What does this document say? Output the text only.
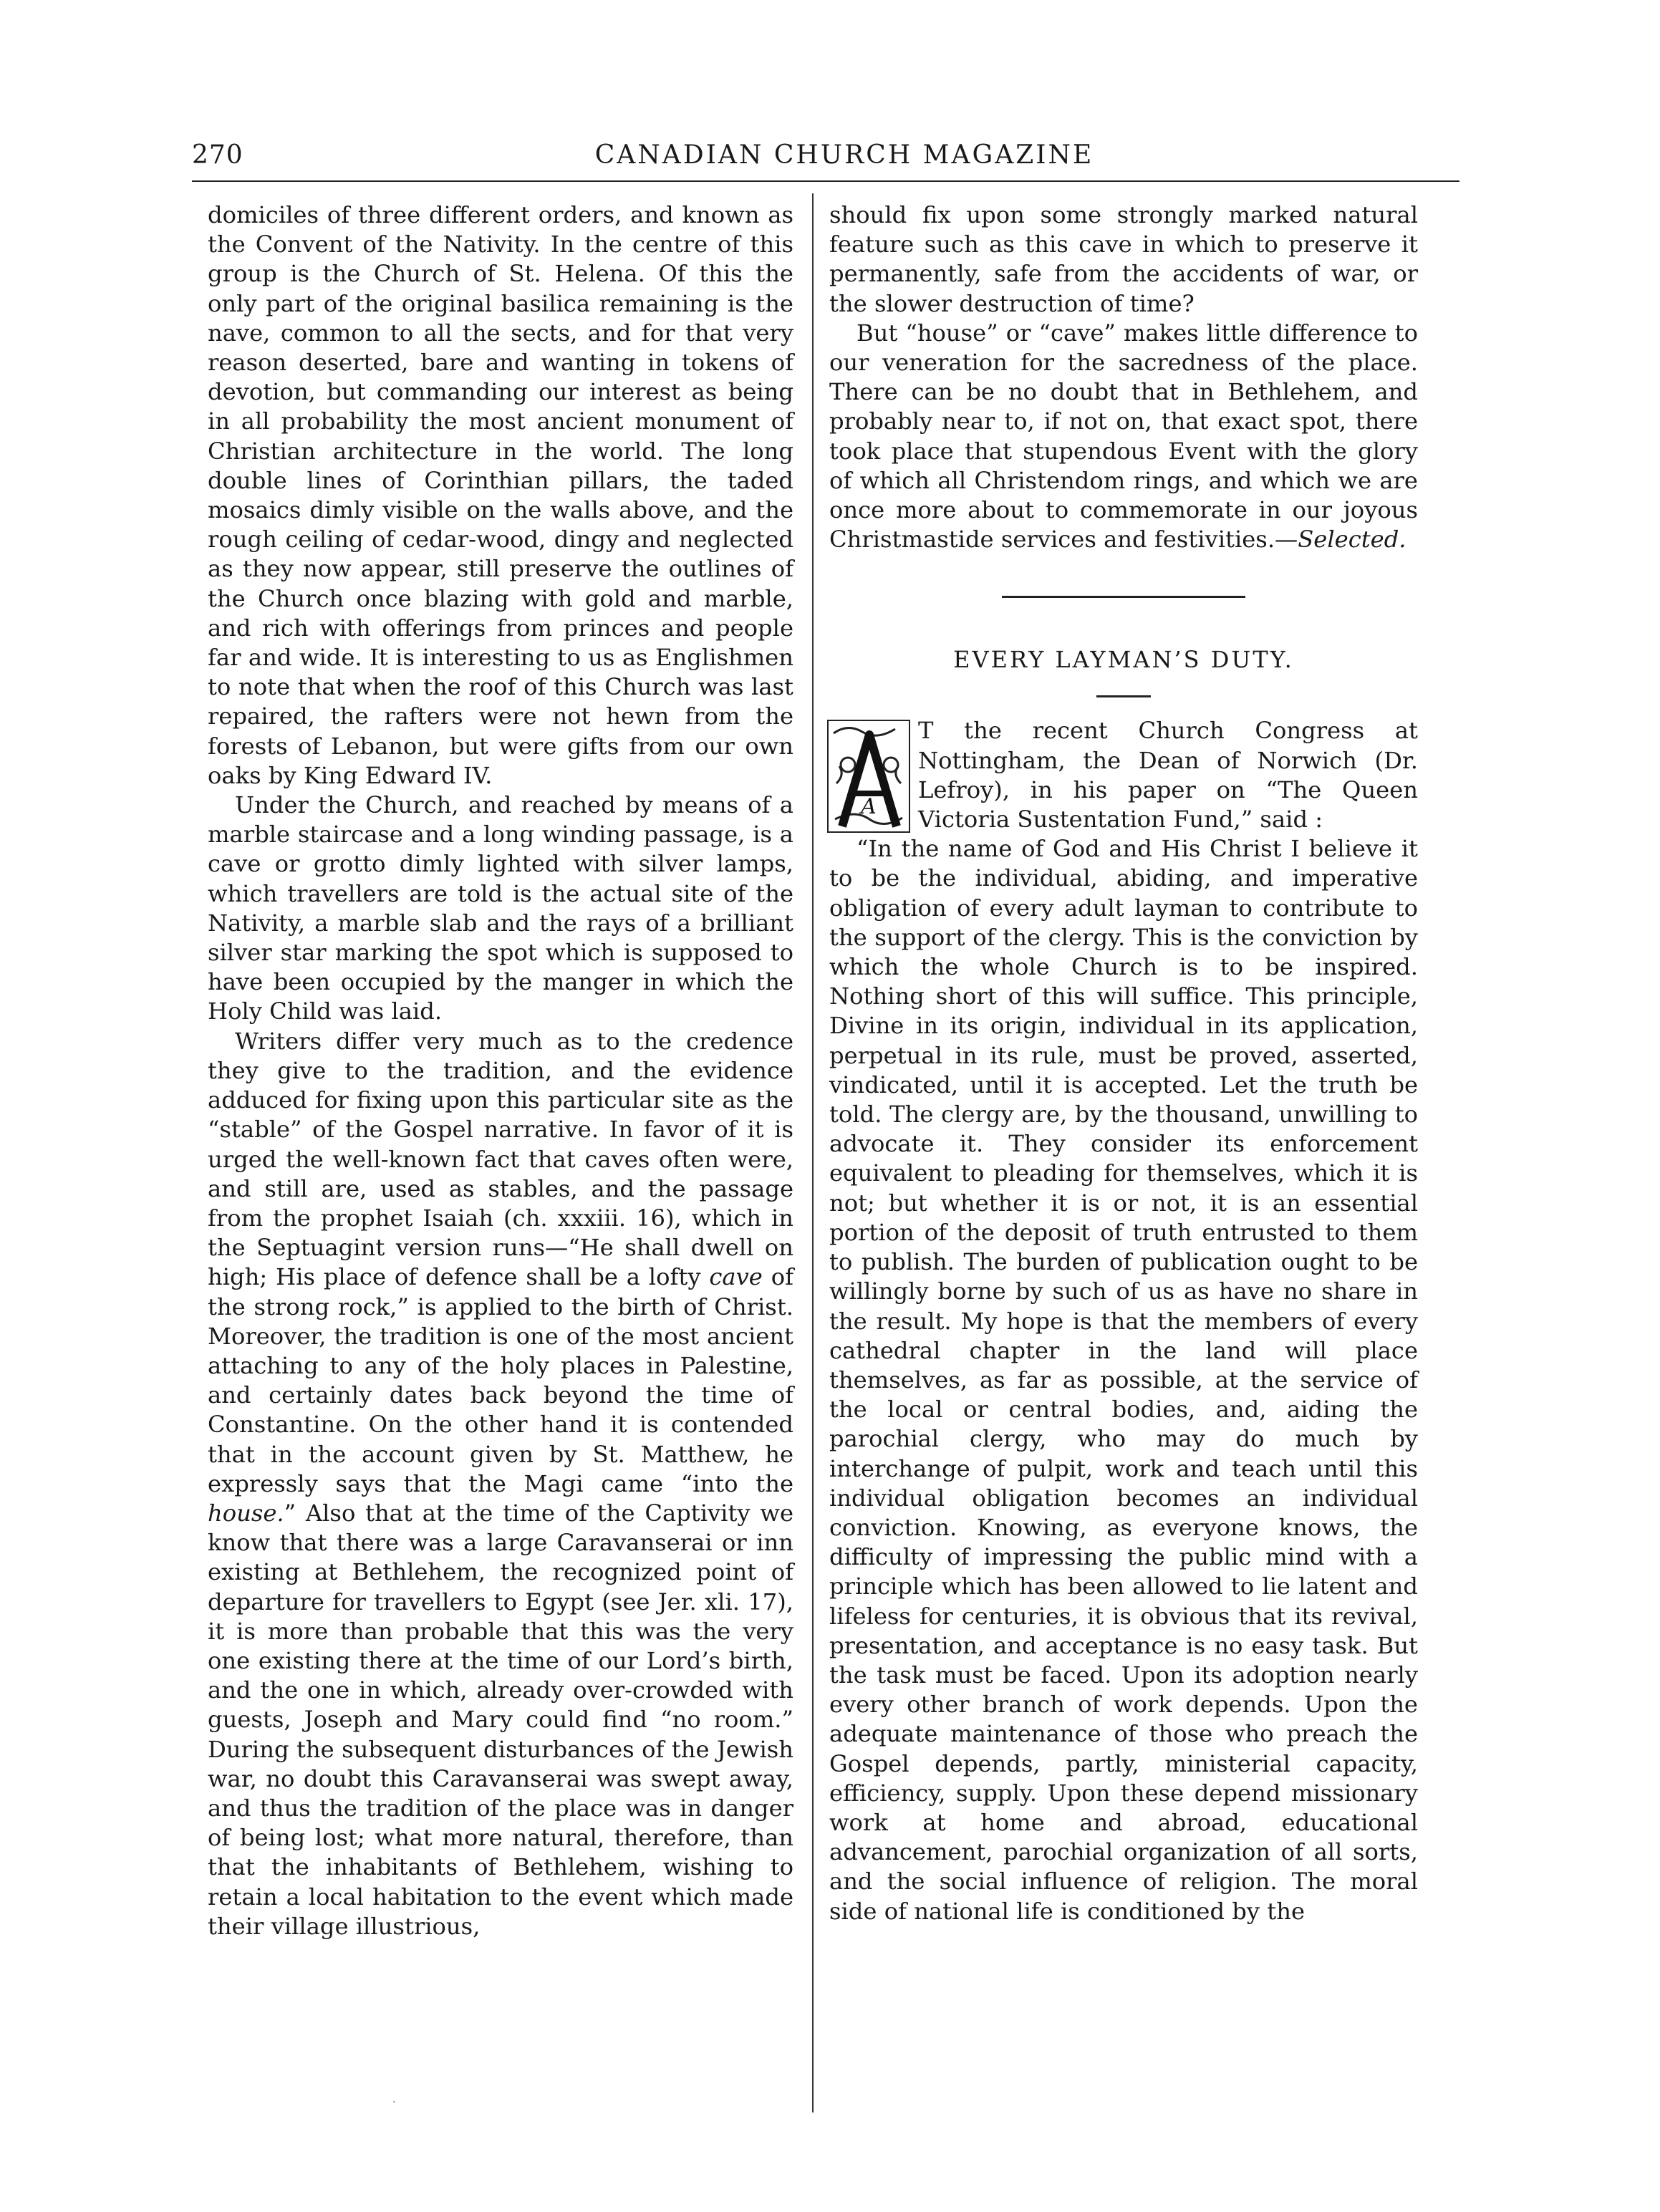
270	CANADIAN CHURCH MAGAZINE

domiciles of three different orders, and known as the Convent of the Nativity. In the centre of this group is the Church of St. Helena. Of this the only part of the original basilica remaining is the nave, common to all the sects, and for that very reason deserted, bare and wanting in tokens of devotion, but commanding our interest as being in all probability the most ancient monument of Christian architecture in the world. The long double lines of Corinthian pillars, the taded mosaics dimly visible on the walls above, and the rough ceiling of cedar-wood, dingy and neglected as they now appear, still preserve the outlines of the Church once blazing with gold and marble, and rich with offerings from princes and people far and wide. It is interesting to us as Englishmen to note that when the roof of this Church was last repaired, the rafters were not hewn from the forests of Lebanon, but were gifts from our own oaks by King Edward IV.

Under the Church, and reached by means of a marble staircase and a long winding passage, is a cave or grotto dimly lighted with silver lamps, which travellers are told is the actual site of the Nativity, a marble slab and the rays of a brilliant silver star marking the spot which is supposed to have been occupied by the manger in which the Holy Child was laid.

Writers differ very much as to the credence they give to the tradition, and the evidence adduced for fixing upon this particular site as the “stable” of the Gospel narrative. In favor of it is urged the well-known fact that caves often were, and still are, used as stables, and the passage from the prophet Isaiah (ch. xxxiii. 16), which in the Septuagint version runs—“He shall dwell on high; His place of defence shall be a lofty cave of the strong rock,” is applied to the birth of Christ. Moreover, the tradition is one of the most ancient attaching to any of the holy places in Palestine, and certainly dates back beyond the time of Constantine. On the other hand it is contended that in the account given by St. Matthew, he expressly says that the Magi came “into the house.” Also that at the time of the Captivity we know that there was a large Caravanserai or inn existing at Bethlehem, the recognized point of departure for travellers to Egypt (see Jer. xli. 17), it is more than probable that this was the very one existing there at the time of our Lord’s birth, and the one in which, already over-crowded with guests, Joseph and Mary could find “no room.” During the subsequent disturbances of the Jewish war, no doubt this Caravanserai was swept away, and thus the tradition of the place was in danger of being lost; what more natural, therefore, than that the inhabitants of Bethlehem, wishing to retain a local habitation to the event which made their village illustrious,

should fix upon some strongly marked natural feature such as this cave in which to preserve it permanently, safe from the accidents of war, or the slower destruction of time?

But “house” or “cave” makes little difference to our veneration for the sacredness of the place. There can be no doubt that in Bethlehem, and probably near to, if not on, that exact spot, there took place that stupendous Event with the glory of which all Christendom rings, and which we are once more about to commemorate in our joyous Christmastide services and festivities.—Selected.

EVERY LAYMAN’S DUTY.
A

T the recent Church Congress at Nottingham, the Dean of Norwich (Dr. Lefroy), in his paper on “The Queen Victoria Sustentation Fund,” said :

“In the name of God and His Christ I believe it to be the individual, abiding, and imperative obligation of every adult layman to contribute to the support of the clergy. This is the conviction by which the whole Church is to be inspired. Nothing short of this will suffice. This principle, Divine in its origin, individual in its application, perpetual in its rule, must be proved, asserted, vindicated, until it is accepted. Let the truth be told. The clergy are, by the thousand, unwilling to advocate it. They consider its enforcement equivalent to pleading for themselves, which it is not; but whether it is or not, it is an essential portion of the deposit of truth entrusted to them to publish. The burden of publication ought to be willingly borne by such of us as have no share in the result. My hope is that the members of every cathedral chapter in the land will place themselves, as far as possible, at the service of the local or central bodies, and, aiding the parochial clergy, who may do much by interchange of pulpit, work and teach until this individual obligation becomes an individual conviction. Knowing, as everyone knows, the difficulty of impressing the public mind with a principle which has been allowed to lie latent and lifeless for centuries, it is obvious that its revival, presentation, and acceptance is no easy task. But the task must be faced. Upon its adoption nearly every other branch of work depends. Upon the adequate maintenance of those who preach the Gospel depends, partly, ministerial capacity, efficiency, supply. Upon these depend missionary work at home and abroad, educational advancement, parochial organization of all sorts, and the social influence of religion. The moral side of national life is conditioned by the

·
